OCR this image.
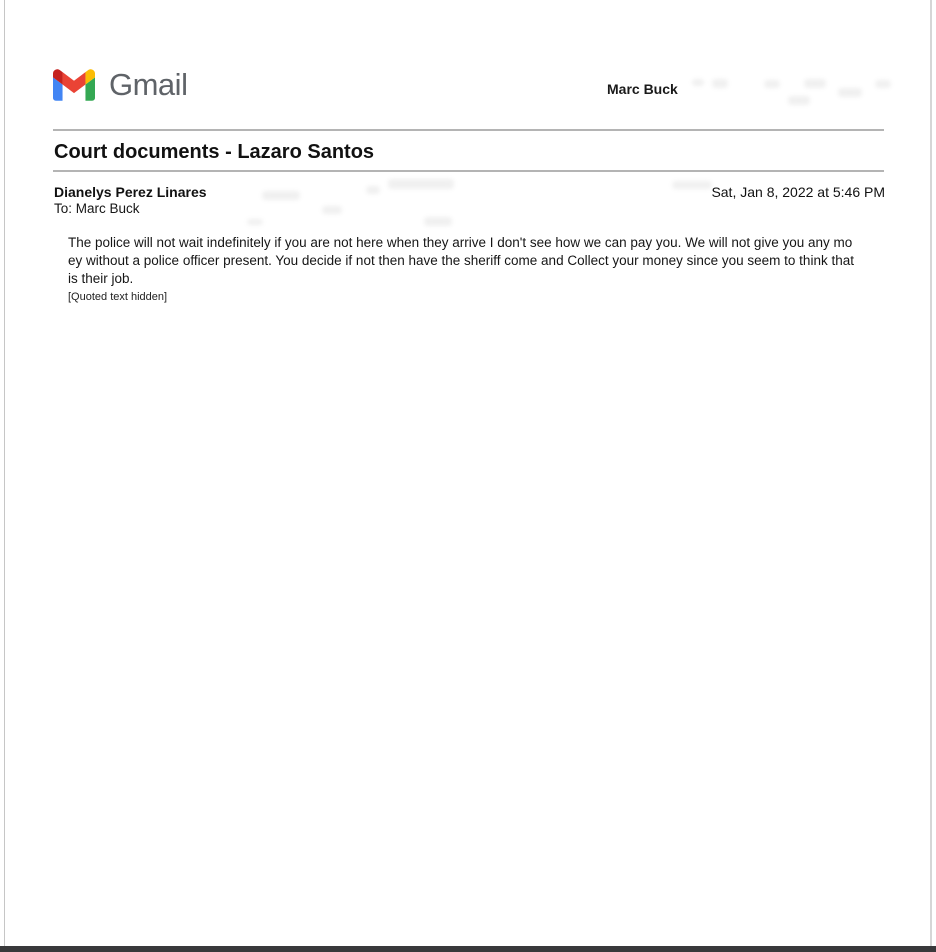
Gmail	Marc Buck
Court documents - Lazaro Santos
Dianelys Perez Linares	Sat, Jan 8, 2022 at 5:46 PM
To: Marc Buck

The police will not wait indefinitely if you are not here when they arrive I don't see how we can pay you. We will not give you any mo ey without a police officer present. You decide if not then have the sheriff come and Collect your money since you seem to think that is their job.

[Quoted text hidden]
